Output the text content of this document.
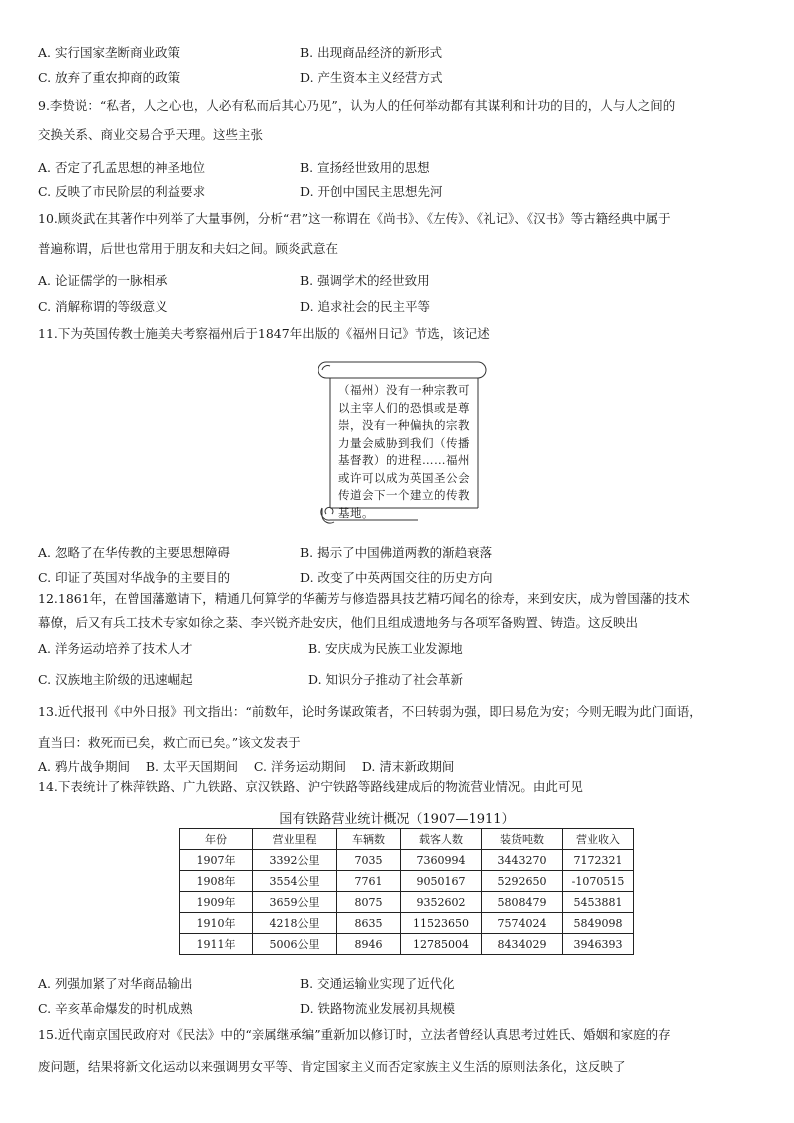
A. 实行国家垄断商业政策	B. 出现商品经济的新形式
C. 放弃了重农抑商的政策	D. 产生资本主义经营方式
9.李贽说：“私者，人之心也，人必有私而后其心乃见”，认为人的任何举动都有其谋利和计功的目的，人与人之间的
交换关系、商业交易合乎天理。这些主张
A. 否定了孔孟思想的神圣地位	B. 宣扬经世致用的思想
C. 反映了市民阶层的利益要求	D. 开创中国民主思想先河
10.顾炎武在其著作中列举了大量事例，分析“君”这一称谓在《尚书》、《左传》、《礼记》、《汉书》等古籍经典中属于
普遍称谓，后世也常用于朋友和夫妇之间。顾炎武意在
A. 论证儒学的一脉相承	B. 强调学术的经世致用
C. 消解称谓的等级意义	D. 追求社会的民主平等
11.下为英国传教士施美夫考察福州后于1847年出版的《福州日记》节选，该记述
（福州）没有一种宗教可以主宰人们的恐惧或是尊崇，没有一种偏执的宗教力量会威胁到我们（传播基督教）的进程……福州或许可以成为英国圣公会传道会下一个建立的传教基地。
A. 忽略了在华传教的主要思想障碍	B. 揭示了中国佛道两教的渐趋衰落
C. 印证了英国对华战争的主要目的	D. 改变了中英两国交往的历史方向
12.1861年，在曾国藩邀请下，精通几何算学的华蘅芳与修造器具技艺精巧闻名的徐寿，来到安庆，成为曾国藩的技术
幕僚，后又有兵工技术专家如徐之棻、李兴锐齐赴安庆，他们且组成遗地务与各项军备购置、铸造。这反映出
A. 洋务运动培养了技术人才	B. 安庆成为民族工业发源地
C. 汉族地主阶级的迅速崛起	D. 知识分子推动了社会革新
13.近代报刊《中外日报》刊文指出：“前数年，论时务谋政策者，不曰转弱为强，即曰易危为安；今则无暇为此门面语，
直当曰：救死而已矣，救亡而已矣。”该文发表于
A. 鸦片战争期间    B. 太平天国期间    C. 洋务运动期间    D. 清末新政期间
14.下表统计了株萍铁路、广九铁路、京汉铁路、沪宁铁路等路线建成后的物流营业情况。由此可见
国有铁路营业统计概况（1907—1911）
年份	营业里程	车辆数	载客人数	装货吨数	营业收入
1907年	3392公里	7035	7360994	3443270	7172321
1908年	3554公里	7761	9050167	5292650	-1070515
1909年	3659公里	8075	9352602	5808479	5453881
1910年	4218公里	8635	11523650	7574024	5849098
1911年	5006公里	8946	12785004	8434029	3946393
A. 列强加紧了对华商品输出	B. 交通运输业实现了近代化
C. 辛亥革命爆发的时机成熟	D. 铁路物流业发展初具规模
15.近代南京国民政府对《民法》中的“亲属继承编”重新加以修订时，立法者曾经认真思考过姓氏、婚姻和家庭的存
废问题，结果将新文化运动以来强调男女平等、肯定国家主义而否定家族主义生活的原则法条化，这反映了
